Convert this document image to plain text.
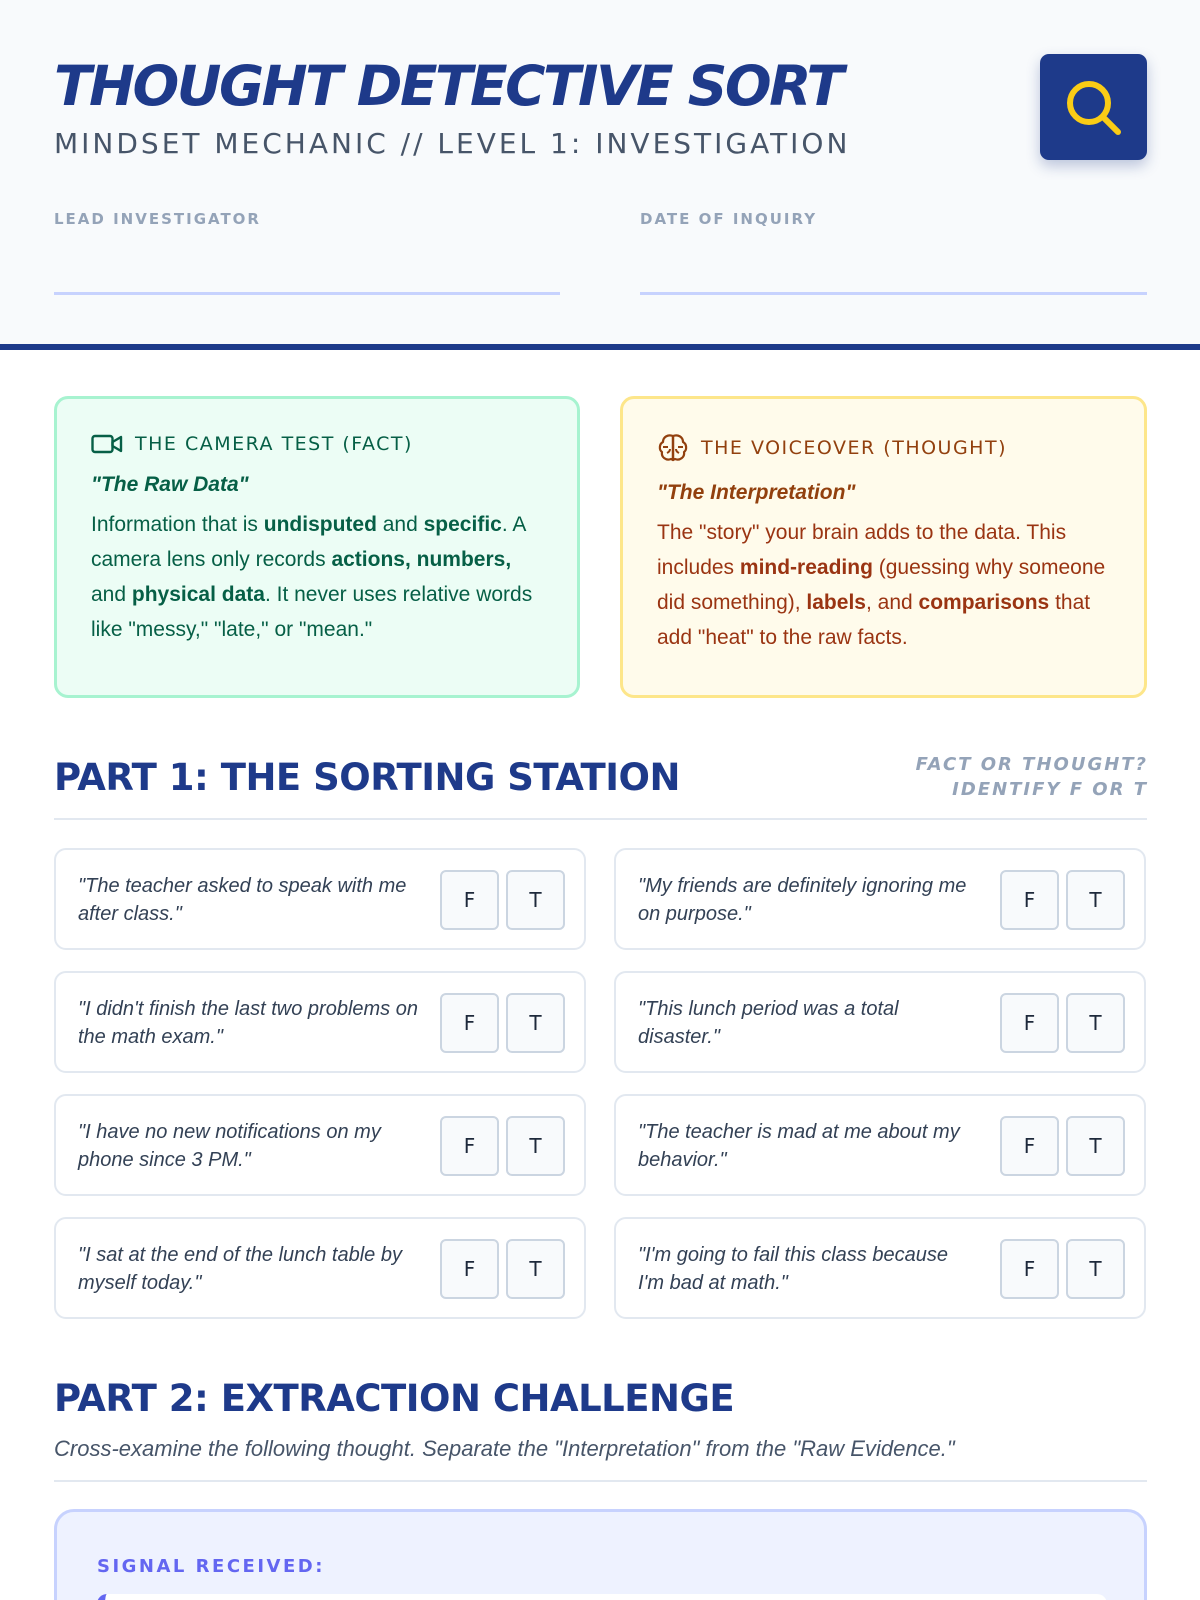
THOUGHT DETECTIVE SORT
MINDSET MECHANIC // LEVEL 1: INVESTIGATION
LEAD INVESTIGATOR	DATE OF INQUIRY
THE CAMERA TEST (FACT)
"The Raw Data"
Information that is undisputed and specific. A camera lens only records actions, numbers, and physical data. It never uses relative words like "messy," "late," or "mean."
THE VOICEOVER (THOUGHT)
"The Interpretation"
The "story" your brain adds to the data. This includes mind-reading (guessing why someone did something), labels, and comparisons that add "heat" to the raw facts.
PART 1: THE SORTING STATION	FACT OR THOUGHT?
IDENTIFY F OR T
"The teacher asked to speak with me after class."
F	T
"My friends are definitely ignoring me on purpose."
F	T
"I didn't finish the last two problems on the math exam."
F	T
"This lunch period was a total disaster."
F	T
"I have no new notifications on my phone since 3 PM."
F	T
"The teacher is mad at me about my behavior."
F	T
"I sat at the end of the lunch table by myself today."
F	T
"I'm going to fail this class because I'm bad at math."
F	T
PART 2: EXTRACTION CHALLENGE
Cross-examine the following thought. Separate the "Interpretation" from the "Raw Evidence."
SIGNAL RECEIVED:
